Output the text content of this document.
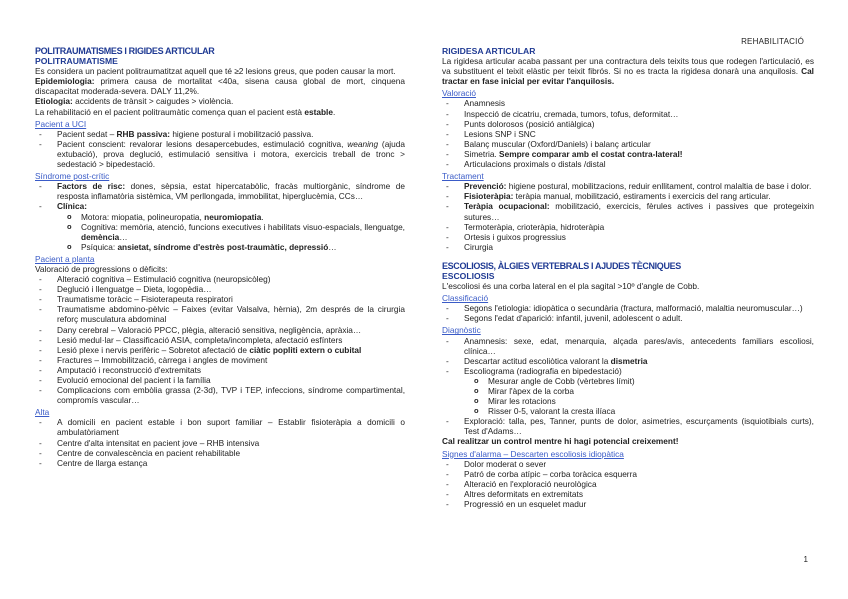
REHABILITACIÓ
POLITRAUMATISMES I RIGIDES ARTICULAR
POLITRAUMATISME

Es considera un pacient politraumatitzat aquell que té ≥2 lesions greus, que poden causar la mort.

Epidemiologia: primera causa de mortalitat <40a, sisena causa global de mort, cinquena discapacitat moderada-severa. DALY 11,2%.

Etiologia: accidents de trànsit > caigudes > violència.

La rehabilitació en el pacient politraumàtic comença quan el pacient està estable.

Pacient a UCI
- Pacient sedat – RHB passiva: higiene postural i mobilització passiva.
- Pacient conscient: revalorar lesions desapercebudes, estimulació cognitiva, weaning (ajuda extubació), prova deglució, estimulació sensitiva i motora, exercicis treball de tronc > sedestació > bipedestació.
Síndrome post-crític
- Factors de risc: dones, sèpsia, estat hipercatabòlic, fracàs multiorgànic, síndrome de resposta inflamatòria sistèmica, VM perllongada, immobilitat, hiperglucèmia, CCs…
- Clínica:
o Motora: miopatia, polineuropatia, neuromiopatia.
o Cognitiva: memòria, atenció, funcions executives i habilitats visuo-espacials, llenguatge, demència…
o Psíquica: ansietat, síndrome d'estrès post-traumàtic, depressió…
Pacient a planta

Valoració de progressions o dèficits:

- Alteració cognitiva – Estimulació cognitiva (neuropsicòleg)
- Deglució i llenguatge – Dieta, logopèdia…
- Traumatisme toràcic – Fisioterapeuta respiratori
- Traumatisme abdomino-pèlvic – Faixes (evitar Valsalva, hèrnia), 2m després de la cirurgia reforç musculatura abdominal
- Dany cerebral – Valoració PPCC, plègia, alteració sensitiva, negligència, apràxia…
- Lesió medul·lar – Classificació ASIA, completa/incompleta, afectació esfínters
- Lesió plexe i nervis perifèric – Sobretot afectació de ciàtic popliti extern o cubital
- Fractures – Immobilització, càrrega i angles de moviment
- Amputació i reconstrucció d'extremitats
- Evolució emocional del pacient i la família
- Complicacions com embòlia grassa (2-3d), TVP i TEP, infeccions, síndrome compartimental, compromís vascular…
Alta
- A domicili en pacient estable i bon suport familiar – Establir fisioteràpia a domicili o ambulatòriament
- Centre d'alta intensitat en pacient jove – RHB intensiva
- Centre de convalescència en pacient rehabilitable
- Centre de llarga estança
RIGIDESA ARTICULAR

La rigidesa articular acaba passant per una contractura dels teixits tous que rodegen l'articulació, es va substituent el teixit elàstic per teixit fibrós. Si no es tracta la rigidesa donarà una anquilosis. Cal tractar en fase inicial per evitar l'anquilosis.

Valoració
- Anamnesis
- Inspecció de cicatriu, cremada, tumors, tofus, deformitat…
- Punts dolorosos (posició antiàlgica)
- Lesions SNP i SNC
- Balanç muscular (Oxford/Daniels) i balanç articular
- Simetria. Sempre comparar amb el costat contra-lateral!
- Articulacions proximals o distals /distal
Tractament
- Prevenció: higiene postural, mobilitzacions, reduir enllitament, control malaltia de base i dolor.
- Fisioteràpia: teràpia manual, mobilització, estiraments i exercicis del rang articular.
- Teràpia ocupacional: mobilització, exercicis, fèrules actives i passives que protegeixin sutures…
- Termoteràpia, crioteràpia, hidroteràpia
- Ortesis i guixos progressius
- Cirurgia
ESCOLIOSIS, ÀLGIES VERTEBRALS I AJUDES TÈCNIQUES
ESCOLIOSIS

L'escoliosi és una corba lateral en el pla sagital >10º d'angle de Cobb.

Classificació
- Segons l'etiologia: idiopàtica o secundària (fractura, malformació, malaltia neuromuscular…)
- Segons l'edat d'aparició: infantil, juvenil, adolescent o adult.
Diagnòstic
- Anamnesis: sexe, edat, menarquia, alçada pares/avis, antecedents familiars escoliosi, clínica…
- Descartar actitud escoliòtica valorant la dismetria
- Escoliograma (radiografia en bipedestació)
o Mesurar angle de Cobb (vèrtebres límit)
o Mirar l'àpex de la corba
o Mirar les rotacions
o Risser 0-5, valorant la cresta ilíaca
- Exploració: talla, pes, Tanner, punts de dolor, asimetries, escurçaments (isquiotibials curts), Test d'Adams…

Cal realitzar un control mentre hi hagi potencial creixement!

Signes d'alarma – Descarten escoliosis idiopàtica
- Dolor moderat o sever
- Patró de corba atípic – corba toràcica esquerra
- Alteració en l'exploració neurològica
- Altres deformitats en extremitats
- Progressió en un esquelet madur
1
